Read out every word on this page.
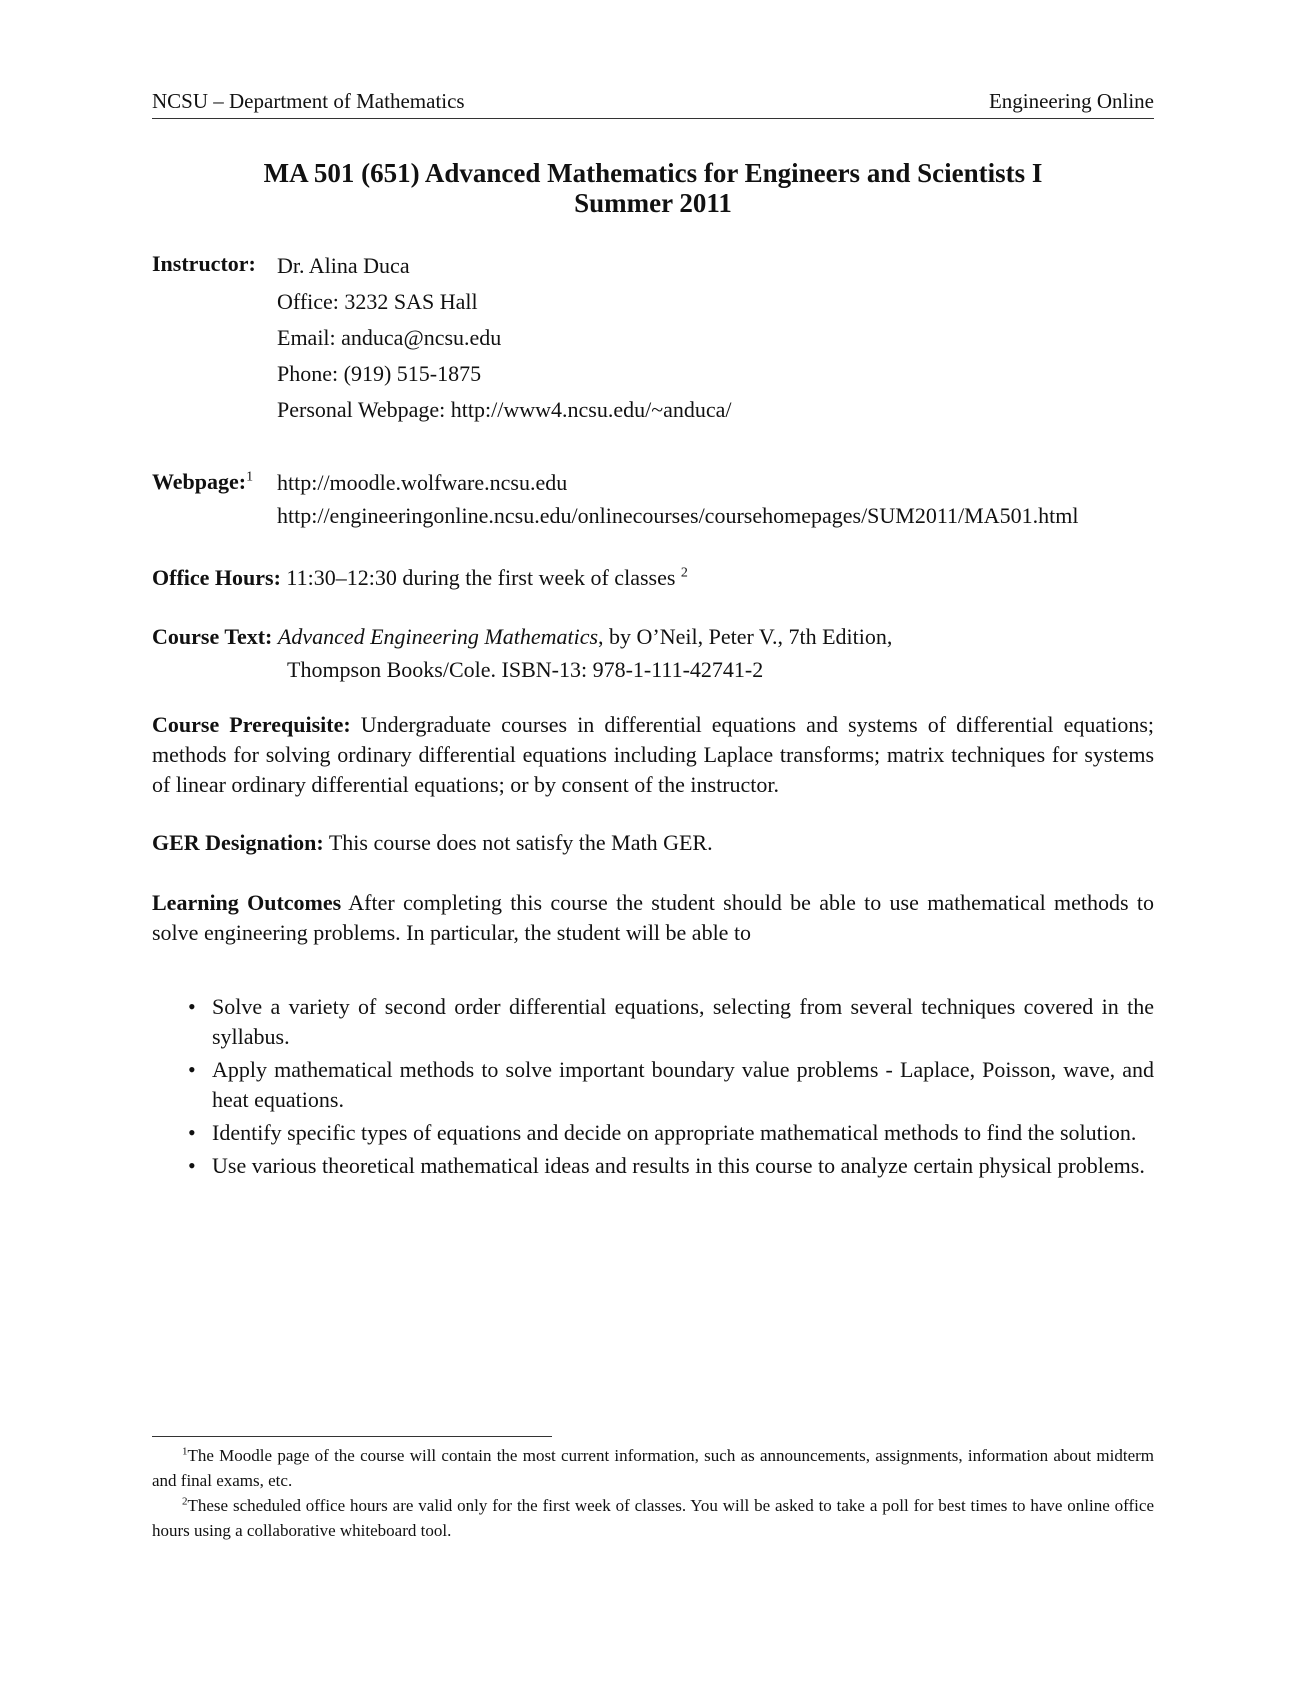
NCSU – Department of Mathematics	Engineering Online
MA 501 (651) Advanced Mathematics for Engineers and Scientists I
Summer 2011
Instructor: Dr. Alina Duca
Office: 3232 SAS Hall
Email: anduca@ncsu.edu
Phone: (919) 515-1875
Personal Webpage: http://www4.ncsu.edu/~anduca/
Webpage:$^1$ http://moodle.wolfware.ncsu.edu
http://engineeringonline.ncsu.edu/onlinecourses/coursehomepages/SUM2011/MA501.html
Office Hours: 11:30–12:30 during the first week of classes $^2$
Course Text: Advanced Engineering Mathematics, by O’Neil, Peter V., 7th Edition,
Thompson Books/Cole. ISBN-13: 978-1-111-42741-2
Course Prerequisite: Undergraduate courses in differential equations and systems of differential equations; methods for solving ordinary differential equations including Laplace transforms; matrix techniques for systems of linear ordinary differential equations; or by consent of the instructor.
GER Designation: This course does not satisfy the Math GER.
Learning Outcomes After completing this course the student should be able to use mathematical methods to solve engineering problems. In particular, the student will be able to
• Solve a variety of second order differential equations, selecting from several techniques covered in the syllabus.
• Apply mathematical methods to solve important boundary value problems - Laplace, Poisson, wave, and heat equations.
• Identify specific types of equations and decide on appropriate mathematical methods to find the solution.
• Use various theoretical mathematical ideas and results in this course to analyze certain physical problems.

$^1$The Moodle page of the course will contain the most current information, such as announcements, assignments, information about midterm and final exams, etc.

$^2$These scheduled office hours are valid only for the first week of classes. You will be asked to take a poll for best times to have online office hours using a collaborative whiteboard tool.
